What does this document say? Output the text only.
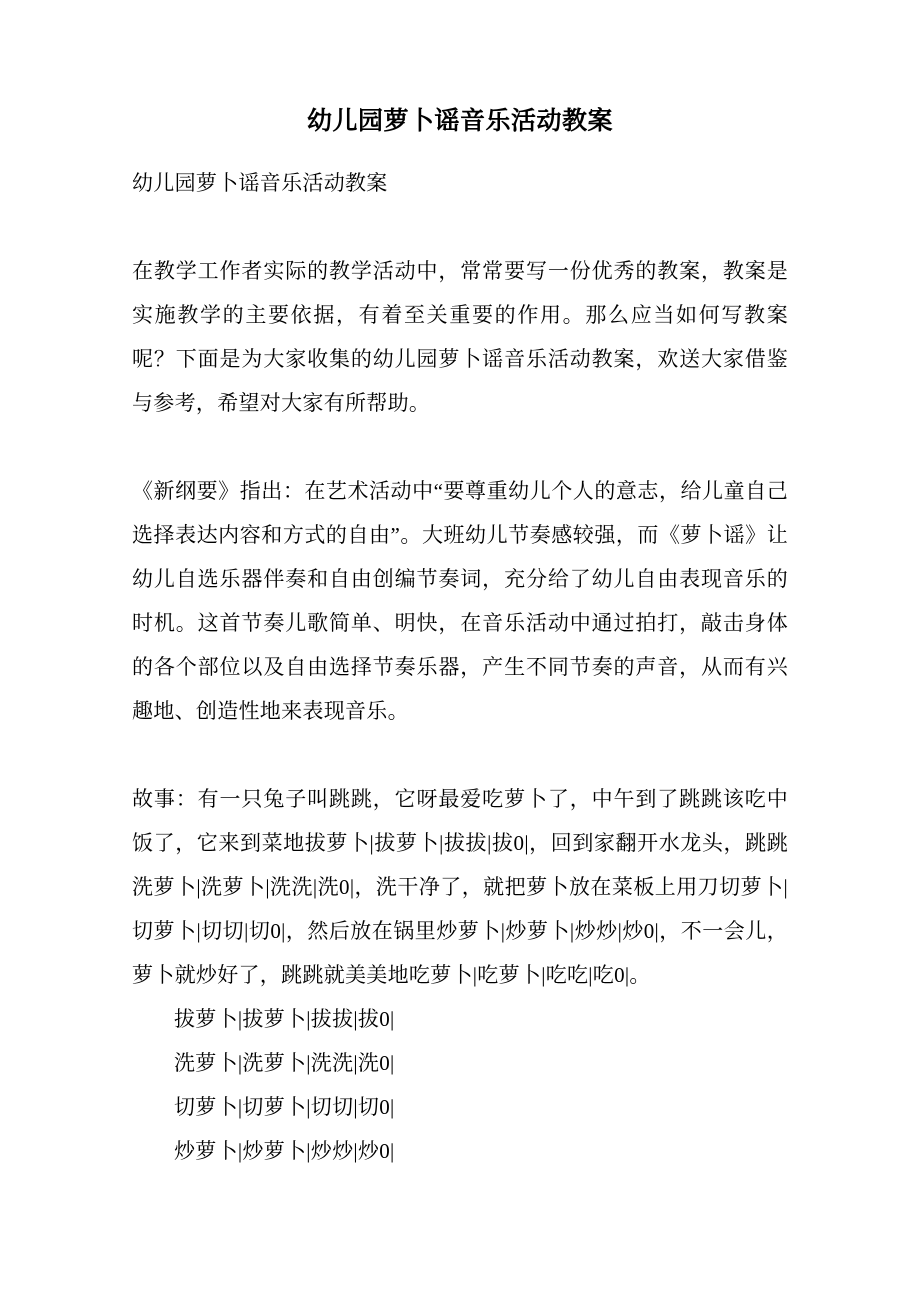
幼儿园萝卜谣音乐活动教案

幼儿园萝卜谣音乐活动教案

在教学工作者实际的教学活动中，常常要写一份优秀的教案，教案是实施教学的主要依据，有着至关重要的作用。那么应当如何写教案呢？下面是为大家收集的幼儿园萝卜谣音乐活动教案，欢送大家借鉴与参考，希望对大家有所帮助。

《新纲要》指出：在艺术活动中“要尊重幼儿个人的意志，给儿童自己选择表达内容和方式的自由”。大班幼儿节奏感较强，而《萝卜谣》让幼儿自选乐器伴奏和自由创编节奏词，充分给了幼儿自由表现音乐的时机。这首节奏儿歌简单、明快，在音乐活动中通过拍打，敲击身体的各个部位以及自由选择节奏乐器，产生不同节奏的声音，从而有兴趣地、创造性地来表现音乐。

故事：有一只兔子叫跳跳，它呀最爱吃萝卜了，中午到了跳跳该吃中饭了，它来到菜地拔萝卜|拔萝卜|拔拔|拔0|，回到家翻开水龙头，跳跳洗萝卜|洗萝卜|洗洗|洗0|，洗干净了，就把萝卜放在菜板上用刀切萝卜|切萝卜|切切|切0|，然后放在锅里炒萝卜|炒萝卜|炒炒|炒0|，不一会儿，萝卜就炒好了，跳跳就美美地吃萝卜|吃萝卜|吃吃|吃0|。

拔萝卜|拔萝卜|拔拔|拔0|

洗萝卜|洗萝卜|洗洗|洗0|

切萝卜|切萝卜|切切|切0|

炒萝卜|炒萝卜|炒炒|炒0|
